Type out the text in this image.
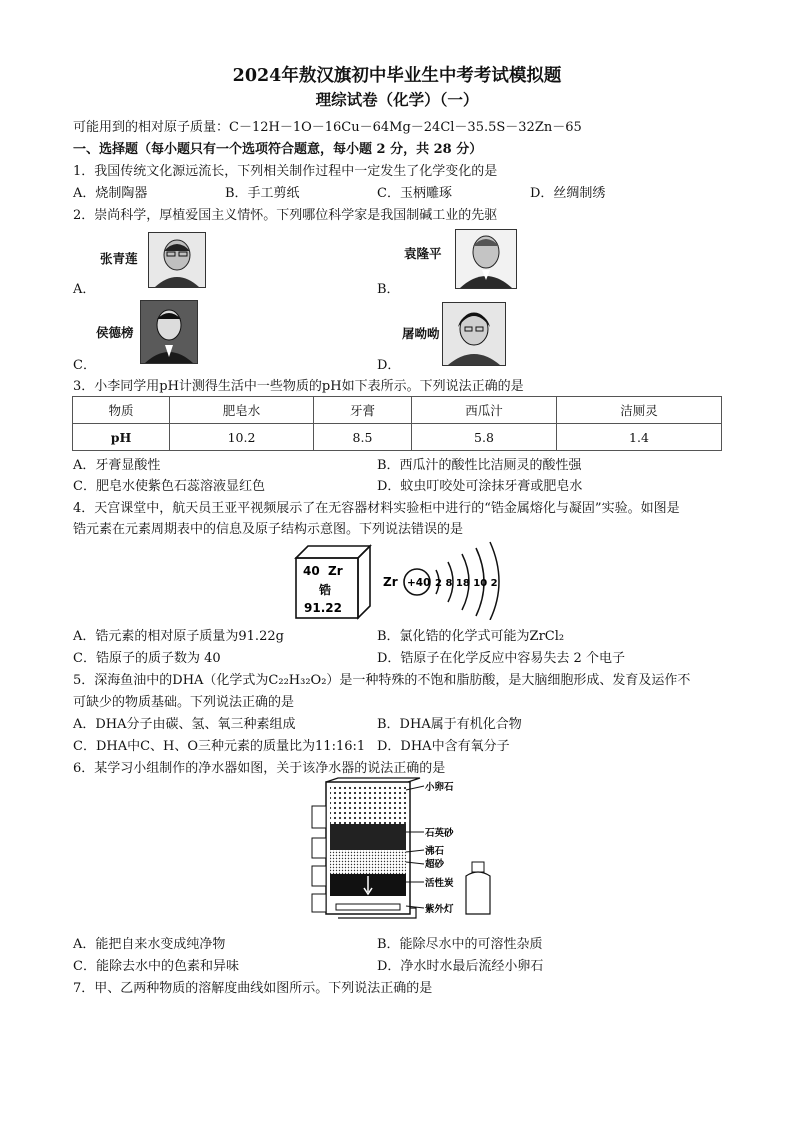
2024年敖汉旗初中毕业生中考考试模拟题
理综试卷（化学）（一）
可能用到的相对原子质量：C－12H－1O－16Cu－64Mg－24Cl－35.5S－32Zn－65
一、选择题（每小题只有一个选项符合题意，每小题 2 分，共 28 分）
1．我国传统文化源远流长，下列相关制作过程中一定发生了化学变化的是
A．烧制陶器	B．手工剪纸	C．玉柄雕琢	D．丝绸制绣
2．崇尚科学，厚植爱国主义情怀。下列哪位科学家是我国制碱工业的先驱
张青莲
A．
袁隆平
B．
侯德榜
C．
屠呦呦
D．
3．小李同学用pH计测得生活中一些物质的pH如下表所示。下列说法正确的是
物质	肥皂水	牙膏	西瓜汁	洁厕灵
pH	10.2	8.5	5.8	1.4
A．牙膏显酸性	B．西瓜汁的酸性比洁厕灵的酸性强
C．肥皂水使紫色石蕊溶液显红色	D．蚊虫叮咬处可涂抹牙膏或肥皂水
4．天宫课堂中，航天员王亚平视频展示了在无容器材料实验柜中进行的“锆金属熔化与凝固”实验。如图是
锆元素在元素周期表中的信息及原子结构示意图。下列说法错误的是
40 Zr
锆
91.22
Zr +40 2 8 18 10 2
A．锆元素的相对原子质量为91.22g	B．氯化锆的化学式可能为ZrCl₂
C．锆原子的质子数为 40	D．锆原子在化学反应中容易失去 2 个电子
5．深海鱼油中的DHA（化学式为C₂₂H₃₂O₂）是一种特殊的不饱和脂肪酸，是大脑细胞形成、发育及运作不
可缺少的物质基础。下列说法正确的是
A．DHA分子由碳、氢、氧三种素组成	B．DHA属于有机化合物
C．DHA中C、H、O三种元素的质量比为11:16:1 D．DHA中含有氧分子
6．某学习小组制作的净水器如图，关于该净水器的说法正确的是
小卵石
石英砂
沸石
超砂
活性炭
紫外灯
A．能把自来水变成纯净物	B．能除尽水中的可溶性杂质
C．能除去水中的色素和异味	D．净水时水最后流经小卵石
7．甲、乙两种物质的溶解度曲线如图所示。下列说法正确的是
